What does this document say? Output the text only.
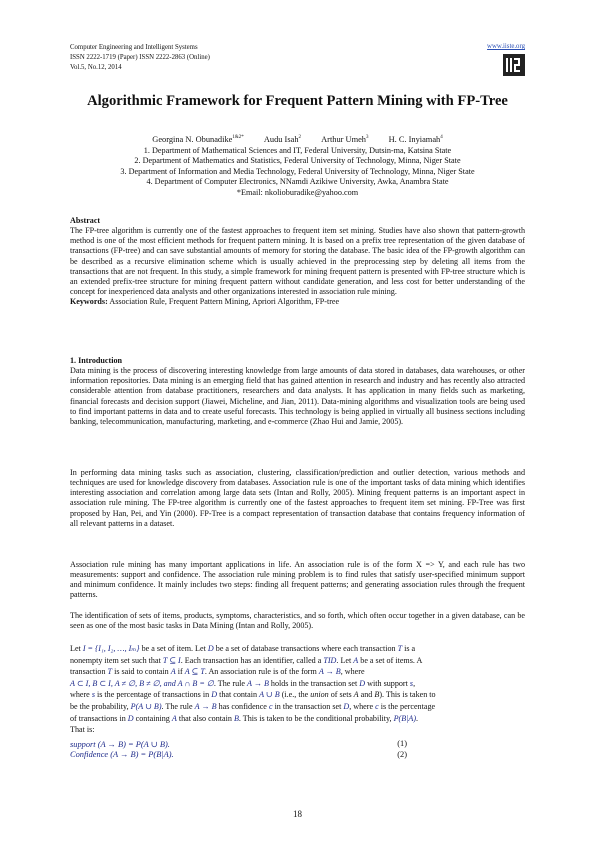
Computer Engineering and Intelligent Systems
ISSN 2222-1719 (Paper) ISSN 2222-2863 (Online)
Vol.5, No.12, 2014
www.iiste.org
Algorithmic Framework for Frequent Pattern Mining with FP-Tree
Georgina N. Obunadike$^{1\&2*}$ Audu Isah$^2$ Arthur Umeh$^3$ H. C. Inyiamah$^4$
1. Department of Mathematical Sciences and IT, Federal University, Dutsin-ma, Katsina State
2. Department of Mathematics and Statistics, Federal University of Technology, Minna, Niger State
3. Department of Information and Media Technology, Federal University of Technology, Minna, Niger State
4. Department of Computer Electronics, NNamdi Azikiwe University, Awka, Anambra State
*Email: nkolioburadike@yahoo.com
Abstract
The FP-tree algorithm is currently one of the fastest approaches to frequent item set mining. Studies have also shown that pattern-growth method is one of the most efficient methods for frequent pattern mining. It is based on a prefix tree representation of the given database of transactions (FP-tree) and can save substantial amounts of memory for storing the database. The basic idea of the FP-growth algorithm can be described as a recursive elimination scheme which is usually achieved in the preprocessing step by deleting all items from the transactions that are not frequent. In this study, a simple framework for mining frequent pattern is presented with FP-tree structure which is an extended prefix-tree structure for mining frequent pattern without candidate generation, and less cost for better understanding of the concept for inexperienced data analysts and other organizations interested in association rule mining.
Keywords: Association Rule, Frequent Pattern Mining, Apriori Algorithm, FP-tree
1. Introduction
Data mining is the process of discovering interesting knowledge from large amounts of data stored in databases, data warehouses, or other information repositories. Data mining is an emerging field that has gained attention in research and industry and has recently also attracted considerable attention from database practitioners, researchers and data analysts. It has application in many fields such as marketing, financial forecasts and decision support (Jiawei, Micheline, and Jian, 2011). Data-mining algorithms and visualization tools are being used to find important patterns in data and to create useful forecasts. This technology is being applied in virtually all business sections including banking, telecommunication, manufacturing, marketing, and e-commerce (Zhao Hui and Jamie, 2005).
In performing data mining tasks such as association, clustering, classification/prediction and outlier detection, various methods and techniques are used for knowledge discovery from databases. Association rule is one of the important tasks of data mining which identifies interesting association and correlation among large data sets (Intan and Rolly, 2005). Mining frequent patterns is an important aspect in association rule mining. The FP-tree algorithm is currently one of the fastest approaches to frequent item set mining. FP-Tree was first proposed by Han, Pei, and Yin (2000). FP-Tree is a compact representation of transaction database that contains frequency information of all relevant patterns in a dataset.
Association rule mining has many important applications in life. An association rule is of the form X => Y, and each rule has two measurements: support and confidence. The association rule mining problem is to find rules that satisfy user-specified minimum support and minimum confidence. It mainly includes two steps: finding all frequent patterns; and generating association rules through the frequent patterns.
The identification of sets of items, products, symptoms, characteristics, and so forth, which often occur together in a given database, can be seen as one of the most basic tasks in Data Mining (Intan and Rolly, 2005).
Let I = {I₁, I₂, …, Iₘ} be a set of item. Let D be a set of database transactions where each transaction T is a
nonempty item set such that T ⊆ I. Each transaction has an identifier, called a TID. Let A be a set of items. A
transaction T is said to contain A if A ⊆ T. An association rule is of the form A → B, where
A ⊂ I, B ⊂ I, A ≠ ∅, B ≠ ∅, and A ∩ B = ∅. The rule A → B holds in the transaction set D with support s,
where s is the percentage of transactions in D that contain A ∪ B (i.e., the union of sets A and B). This is taken to
be the probability, P(A ∪ B). The rule A → B has confidence c in the transaction set D, where c is the percentage
of transactions in D containing A that also contain B. This is taken to be the conditional probability, P(B|A).
That is:
support (A → B) = P(A ∪ B).	(1)
Confidence (A → B) = P(B|A).	(2)
18
